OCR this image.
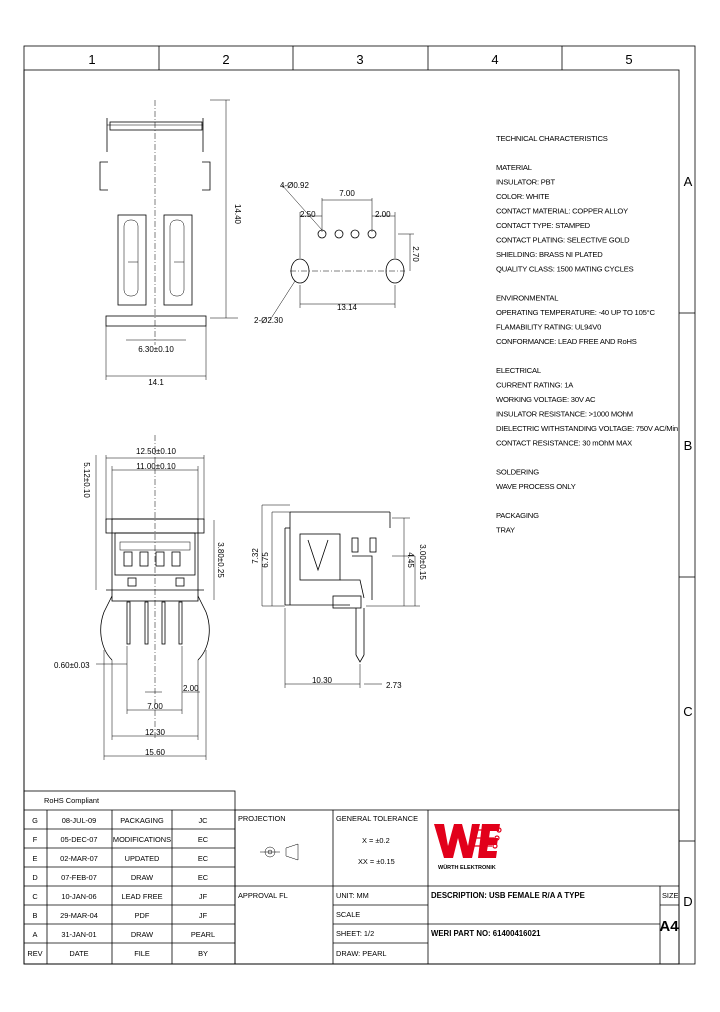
1	2	3	4	5
A
B
C
D
14.40
6.30±0.10
14.1
4-Ø0.92
7.00
2.50	2.00
2.70
2-Ø2.30
13.14
TECHNICAL CHARACTERISTICS
MATERIAL
INSULATOR: PBT
COLOR: WHITE
CONTACT MATERIAL: COPPER ALLOY
CONTACT TYPE: STAMPED
CONTACT PLATING: SELECTIVE GOLD
SHIELDING: BRASS NI PLATED
QUALITY CLASS: 1500 MATING CYCLES
ENVIRONMENTAL
OPERATING TEMPERATURE: -40 UP TO 105°C
FLAMABILITY RATING: UL94V0
CONFORMANCE: LEAD FREE AND RoHS
ELECTRICAL
CURRENT RATING: 1A
WORKING VOLTAGE: 30V AC
INSULATOR RESISTANCE: >1000 MOhM
DIELECTRIC WITHSTANDING VOLTAGE: 750V AC/Min
CONTACT RESISTANCE: 30 mOhM MAX
SOLDERING
WAVE PROCESS ONLY
PACKAGING
TRAY
12.50±0.10
11.00±0.10
5.12±0.10
3.80±0.25
0.60±0.03
2.00
7.00
12.30
15.60
7.32 6.75	4.45 3.00±0.15
10.30
2.73
RoHS Compliant
G	08-JUL-09	PACKAGING	JC
F	05-DEC-07 MODIFICATIONS	EC
E	02-MAR-07	UPDATED	EC
D	07-FEB-07	DRAW	EC
C	10-JAN-06	LEAD FREE	JF
B	29-MAR-04	PDF	JF
A	31-JAN-01	DRAW	PEARL
REV	DATE	FILE	BY
PROJECTION
APPROVAL FL
GENERAL TOLERANCE
X = ±0.2
XX = ±0.15
UNIT: MM
SCALE
SHEET: 1/2
DRAW: PEARL
DESCRIPTION: USB FEMALE R/A A TYPE
WERI PART NO: 61400416021
SIZE
A4
WÜRTH ELEKTRONIK
